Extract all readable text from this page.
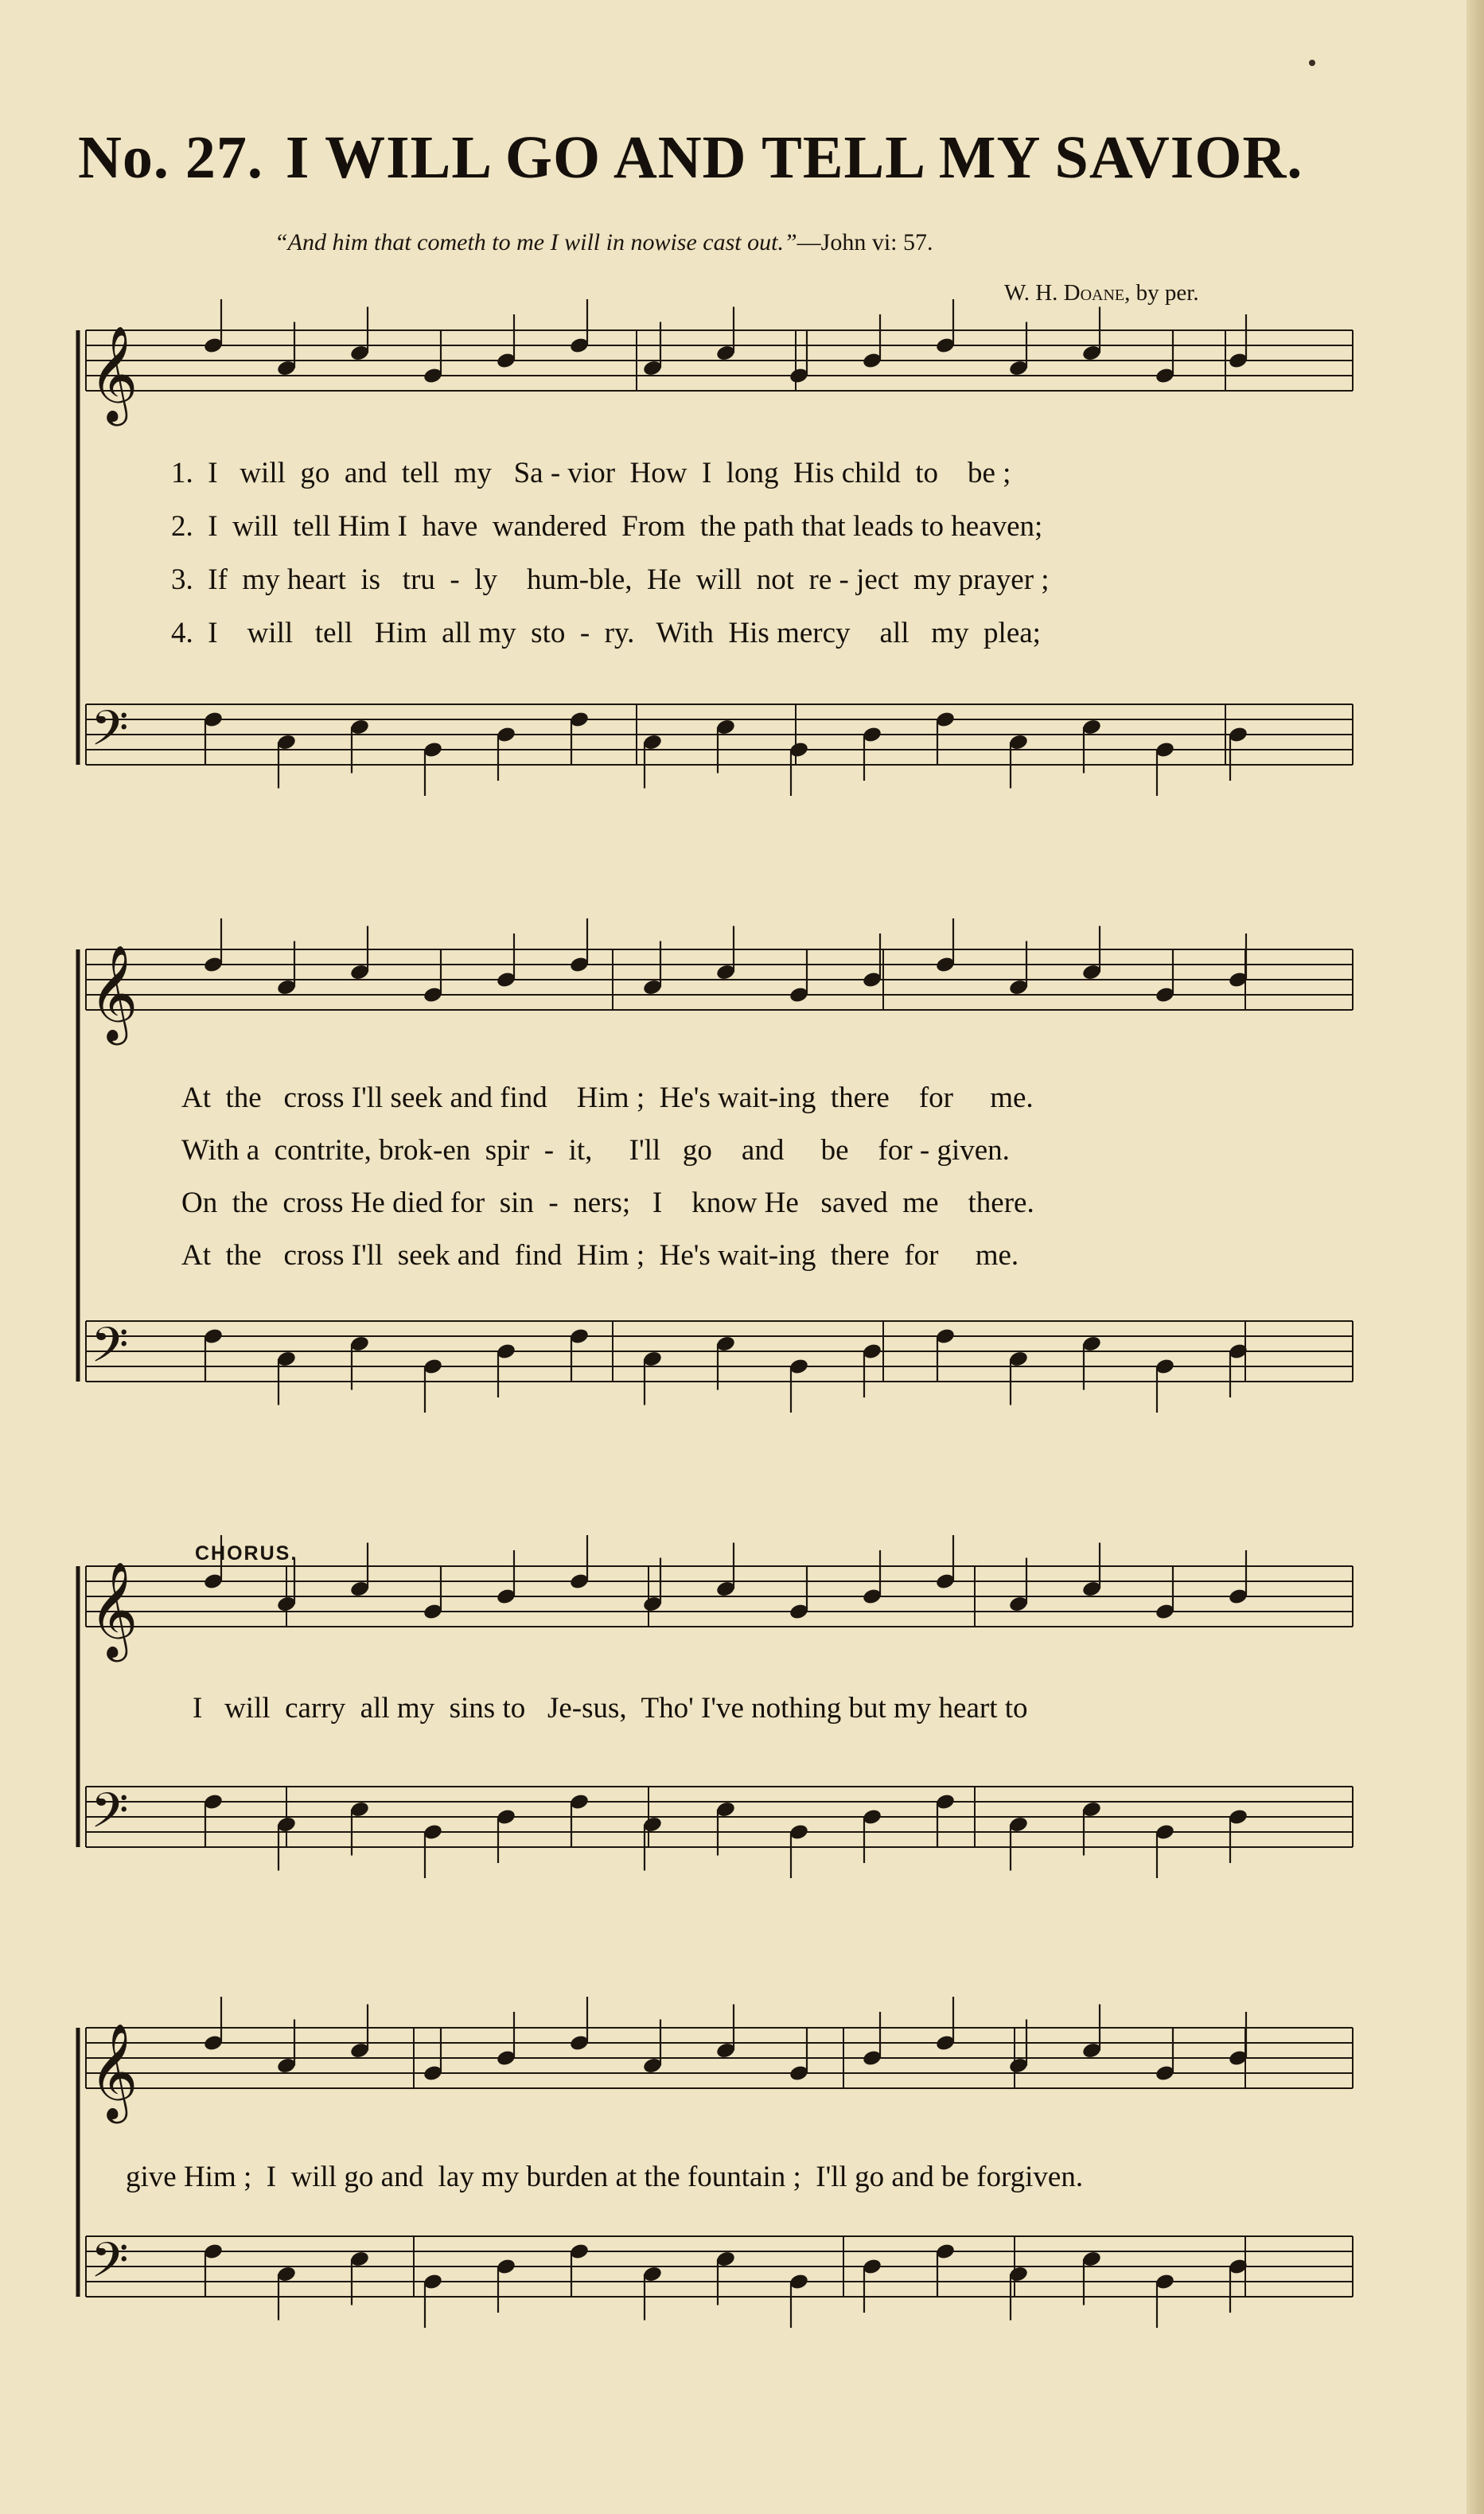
No. 27. I WILL GO AND TELL MY SAVIOR.
“And him that cometh to me I will in nowise cast out.”—John vi: 57.
W. H. Doane, by per.
𝄞
𝄢
𝄞
𝄢
𝄞
𝄢
𝄞
𝄢
1.  I   will  go  and  tell  my   Sa - vior  How  I  long  His child  to    be ;
2.  I  will  tell Him I  have  wandered  From  the path that leads to heaven;
3.  If  my heart  is   tru  -  ly    hum-ble,  He  will  not  re - ject  my prayer ;
4.  I    will   tell   Him  all my  sto  -  ry.   With  His mercy    all   my  plea;
At  the   cross I'll seek and find    Him ;  He's wait-ing  there    for     me.
With a  contrite, brok-en  spir  -  it,     I'll   go    and     be    for - given.
On  the  cross He died for  sin  -  ners;   I    know He   saved  me    there.
At  the   cross I'll  seek and  find  Him ;  He's wait-ing  there  for     me.
CHORUS.
I   will  carry  all my  sins to   Je-sus,  Tho' I've nothing but my heart to
give Him ;  I  will go and  lay my burden at the fountain ;  I'll go and be forgiven.
